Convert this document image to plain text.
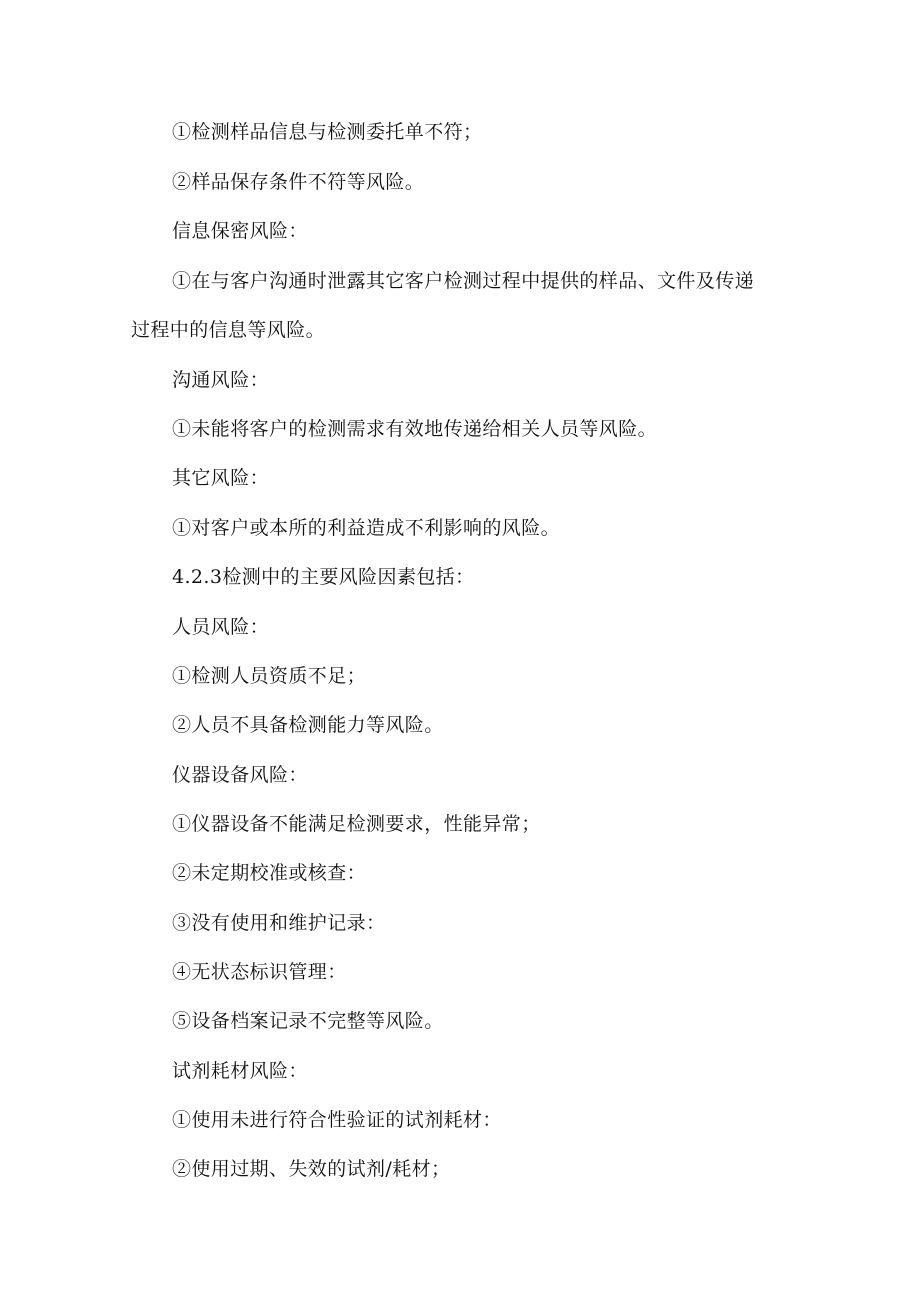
①检测样品信息与检测委托单不符；
②样品保存条件不符等风险。
信息保密风险：
①在与客户沟通时泄露其它客户检测过程中提供的样品、文件及传递
过程中的信息等风险。
沟通风险：
①未能将客户的检测需求有效地传递给相关人员等风险。
其它风险：
①对客户或本所的利益造成不利影响的风险。
4.2.3检测中的主要风险因素包括：
人员风险：
①检测人员资质不足；
②人员不具备检测能力等风险。
仪器设备风险：
①仪器设备不能满足检测要求，性能异常；
②未定期校准或核查：
③没有使用和维护记录：
④无状态标识管理：
⑤设备档案记录不完整等风险。
试剂耗材风险：
①使用未进行符合性验证的试剂耗材：
②使用过期、失效的试剂/耗材；
